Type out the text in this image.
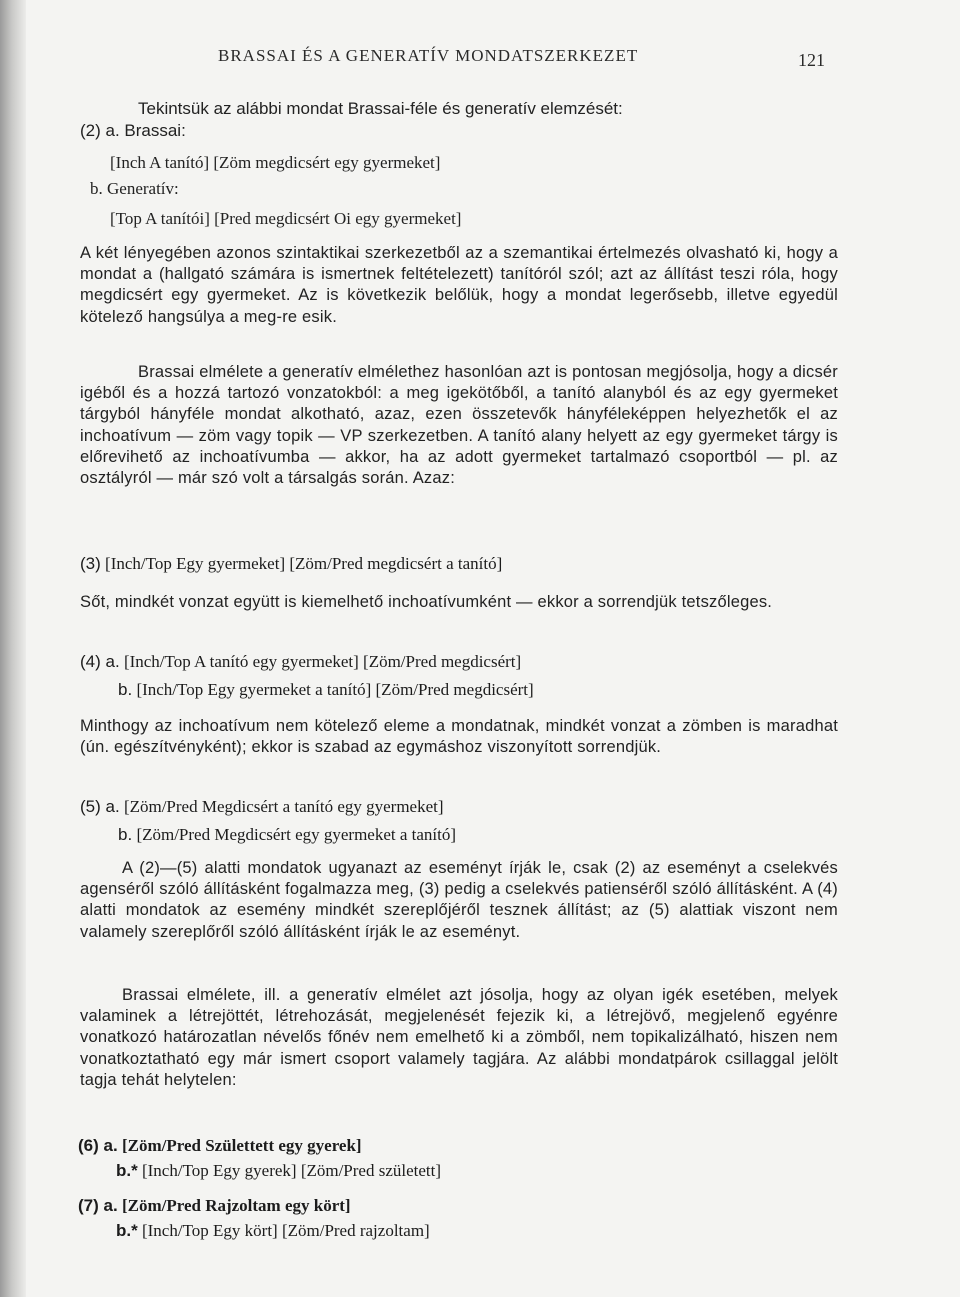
BRASSAI ÉS A GENERATÍV MONDATSZERKEZET	121
Tekintsük az alábbi mondat Brassai-féle és generatív elemzését:
(2) a. Brassai:
[Inch A tanító] [Zöm megdicsért egy gyermeket]
b. Generatív:
[Top A tanítói] [Pred megdicsért Oi egy gyermeket]
A két lényegében azonos szintaktikai szerkezetből az a szemantikai értelmezés olvasható ki, hogy a mondat a (hallgató számára is ismertnek feltételezett) tanítóról szól; azt az állítást teszi róla, hogy megdicsért egy gyermeket. Az is következik belőlük, hogy a mondat legerősebb, illetve egyedül kötelező hangsúlya a meg-re esik.
Brassai elmélete a generatív elmélethez hasonlóan azt is pontosan megjósolja, hogy a dicsér igéből és a hozzá tartozó vonzatokból: a meg igekötőből, a tanító alanyból és az egy gyermeket tárgyból hányféle mondat alkotható, azaz, ezen összetevők hányféleképpen helyezhetők el az inchoatívum — zöm vagy topik — VP szerkezetben. A tanító alany helyett az egy gyermeket tárgy is előrevihető az inchoatívumba — akkor, ha az adott gyermeket tartalmazó csoportból — pl. az osztályról — már szó volt a társalgás során. Azaz:
(3) [Inch/Top Egy gyermeket] [Zöm/Pred megdicsért a tanító]
Sőt, mindkét vonzat együtt is kiemelhető inchoatívumként — ekkor a sorrendjük tetszőleges.
(4) a. [Inch/Top A tanító egy gyermeket] [Zöm/Pred megdicsért]
b. [Inch/Top Egy gyermeket a tanító] [Zöm/Pred megdicsért]
Minthogy az inchoatívum nem kötelező eleme a mondatnak, mindkét vonzat a zömben is maradhat (ún. egészítvényként); ekkor is szabad az egymáshoz viszonyított sorrendjük.
(5) a. [Zöm/Pred Megdicsért a tanító egy gyermeket]
b. [Zöm/Pred Megdicsért egy gyermeket a tanító]
A (2)—(5) alatti mondatok ugyanazt az eseményt írják le, csak (2) az eseményt a cselekvés agenséről szóló állításként fogalmazza meg, (3) pedig a cselekvés patienséről szóló állításként. A (4) alatti mondatok az esemény mindkét szereplőjéről tesznek állítást; az (5) alattiak viszont nem valamely szereplőről szóló állításként írják le az eseményt.
Brassai elmélete, ill. a generatív elmélet azt jósolja, hogy az olyan igék esetében, melyek valaminek a létrejöttét, létrehozását, megjelenését fejezik ki, a létrejövő, megjelenő egyénre vonatkozó határozatlan névelős főnév nem emelhető ki a zömből, nem topikalizálható, hiszen nem vonatkoztatható egy már ismert csoport valamely tagjára. Az alábbi mondatpárok csillaggal jelölt tagja tehát helytelen:
(6) a. [Zöm/Pred Születtett egy gyerek]
b.* [Inch/Top Egy gyerek] [Zöm/Pred született]
(7) a. [Zöm/Pred Rajzoltam egy kört]
b.* [Inch/Top Egy kört] [Zöm/Pred rajzoltam]
